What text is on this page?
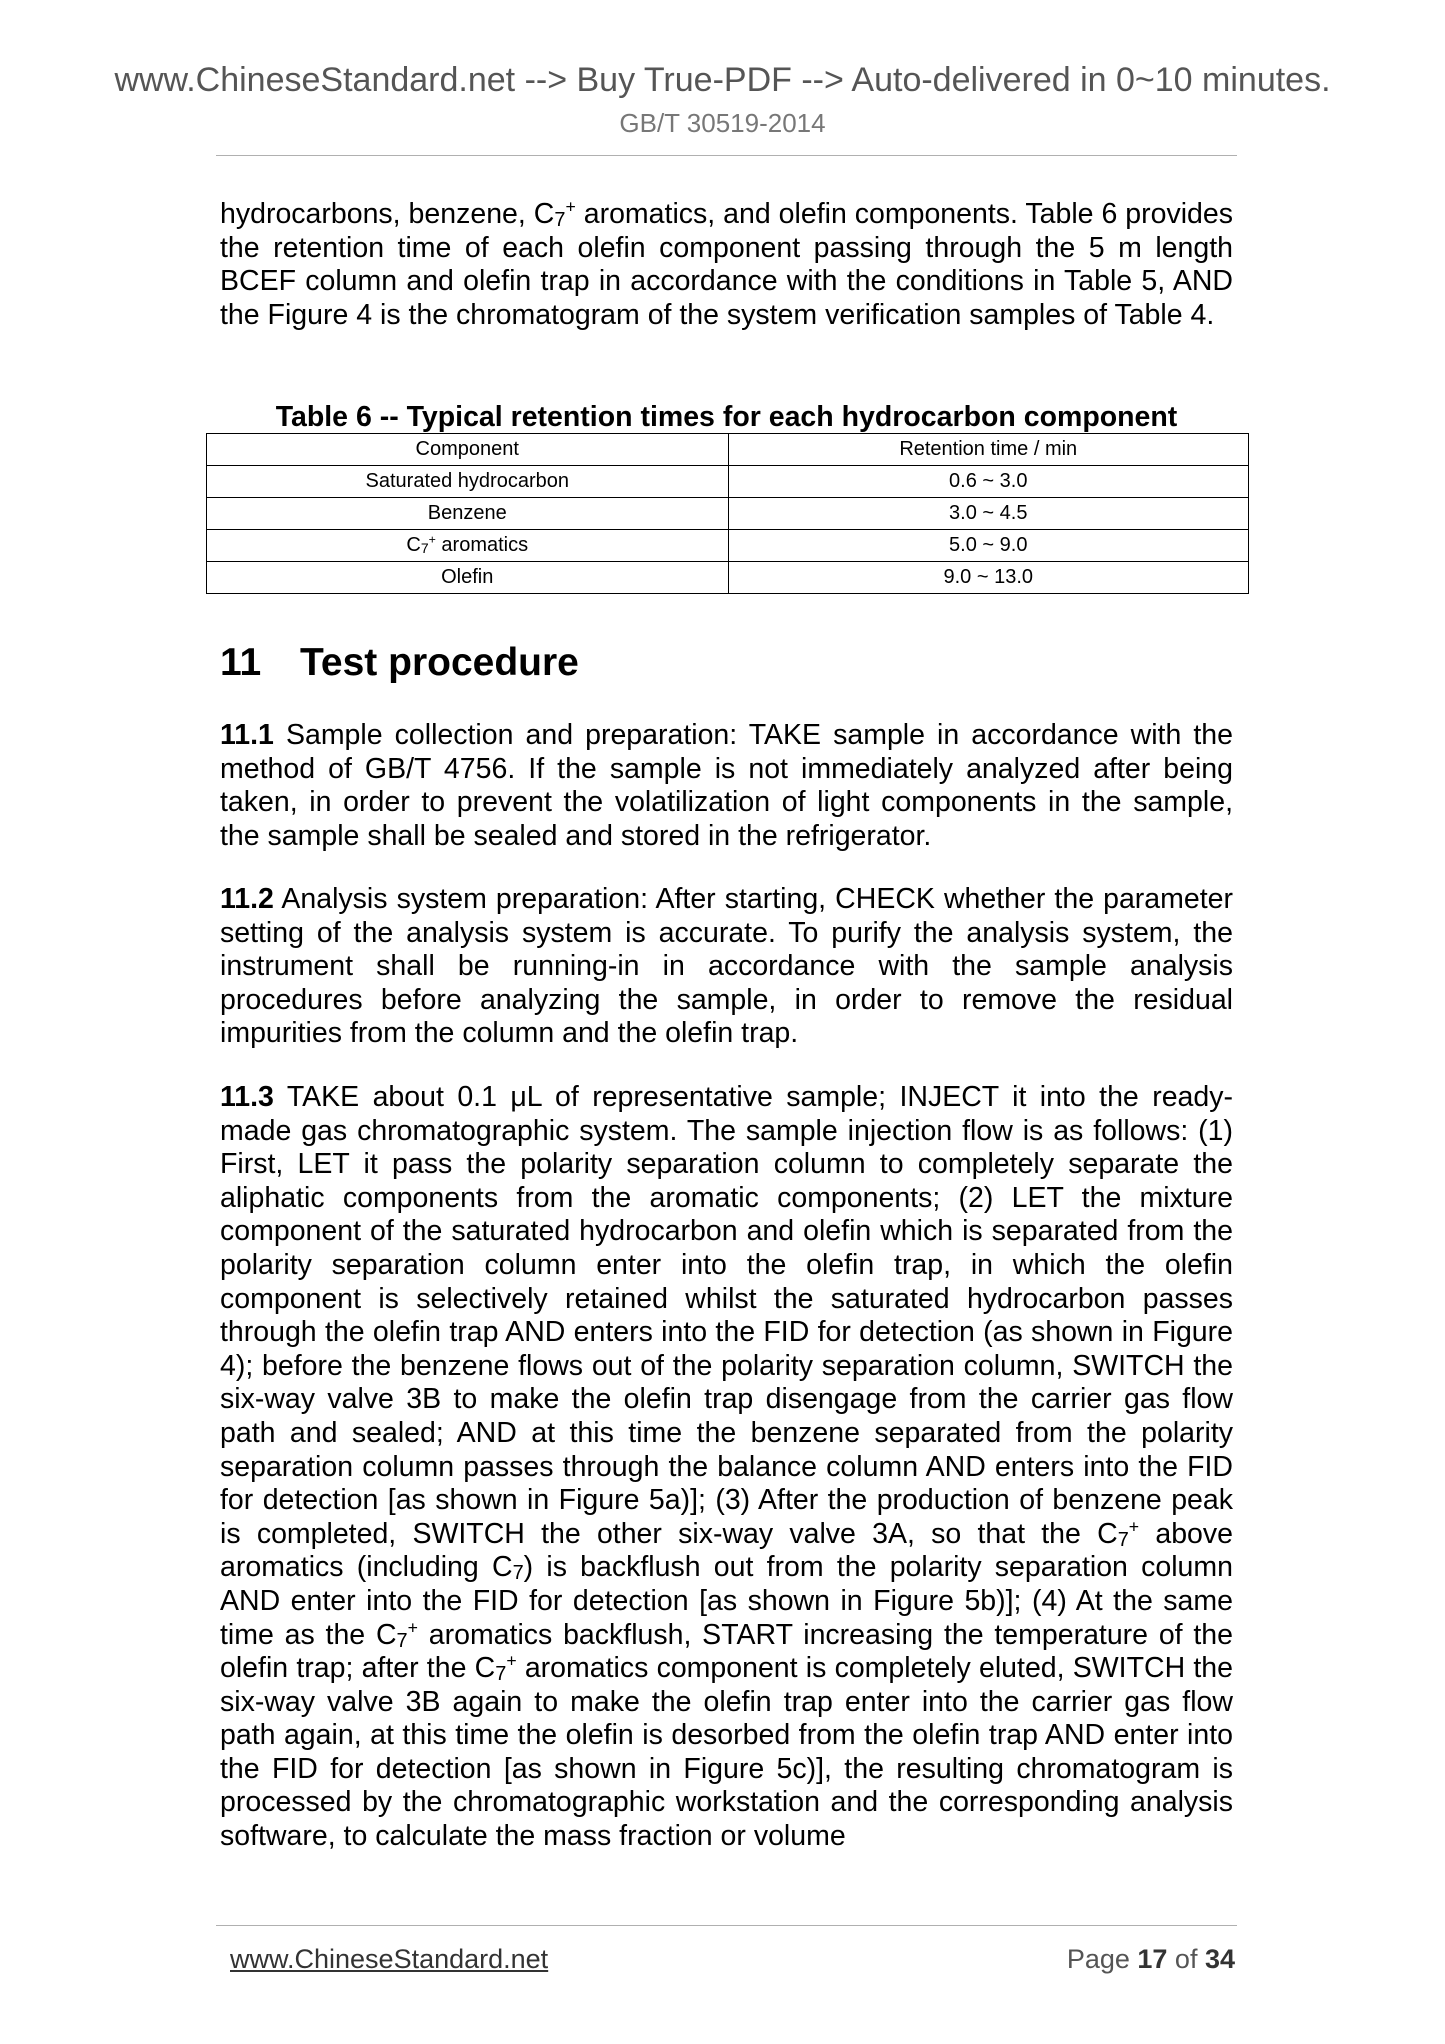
www.ChineseStandard.net --> Buy True-PDF --> Auto-delivered in 0~10 minutes.
GB/T 30519-2014

hydrocarbons, benzene, $C_7^+$ aromatics, and olefin components. Table 6 provides the retention time of each olefin component passing through the 5 m length BCEF column and olefin trap in accordance with the conditions in Table 5, AND the Figure 4 is the chromatogram of the system verification samples of Table 4.

Table 6 -- Typical retention times for each hydrocarbon component
Component	Retention time / min
Saturated hydrocarbon	0.6 ~ 3.0
Benzene	3.0 ~ 4.5
$C_7^+$ aromatics	5.0 ~ 9.0
Olefin	9.0 ~ 13.0
11 Test procedure

11.1 Sample collection and preparation: TAKE sample in accordance with the method of GB/T 4756. If the sample is not immediately analyzed after being taken, in order to prevent the volatilization of light components in the sample, the sample shall be sealed and stored in the refrigerator.

11.2 Analysis system preparation: After starting, CHECK whether the parameter setting of the analysis system is accurate. To purify the analysis system, the instrument shall be running-in in accordance with the sample analysis procedures before analyzing the sample, in order to remove the residual impurities from the column and the olefin trap.

11.3 TAKE about 0.1 μL of representative sample; INJECT it into the ready-made gas chromatographic system. The sample injection flow is as follows: (1) First, LET it pass the polarity separation column to completely separate the aliphatic components from the aromatic components; (2) LET the mixture component of the saturated hydrocarbon and olefin which is separated from the polarity separation column enter into the olefin trap, in which the olefin component is selectively retained whilst the saturated hydrocarbon passes through the olefin trap AND enters into the FID for detection (as shown in Figure 4); before the benzene flows out of the polarity separation column, SWITCH the six-way valve 3B to make the olefin trap disengage from the carrier gas flow path and sealed; AND at this time the benzene separated from the polarity separation column passes through the balance column AND enters into the FID for detection [as shown in Figure 5a)]; (3) After the production of benzene peak is completed, SWITCH the other six-way valve 3A, so that the $C_7^+$ above aromatics (including $C_7$) is backflush out from the polarity separation column AND enter into the FID for detection [as shown in Figure 5b)]; (4) At the same time as the $C_7^+$ aromatics backflush, START increasing the temperature of the olefin trap; after the $C_7^+$ aromatics component is completely eluted, SWITCH the six-way valve 3B again to make the olefin trap enter into the carrier gas flow path again, at this time the olefin is desorbed from the olefin trap AND enter into the FID for detection [as shown in Figure 5c)], the resulting chromatogram is processed by the chromatographic workstation and the corresponding analysis software, to calculate the mass fraction or volume

www.ChineseStandard.net	Page 17 of 34
